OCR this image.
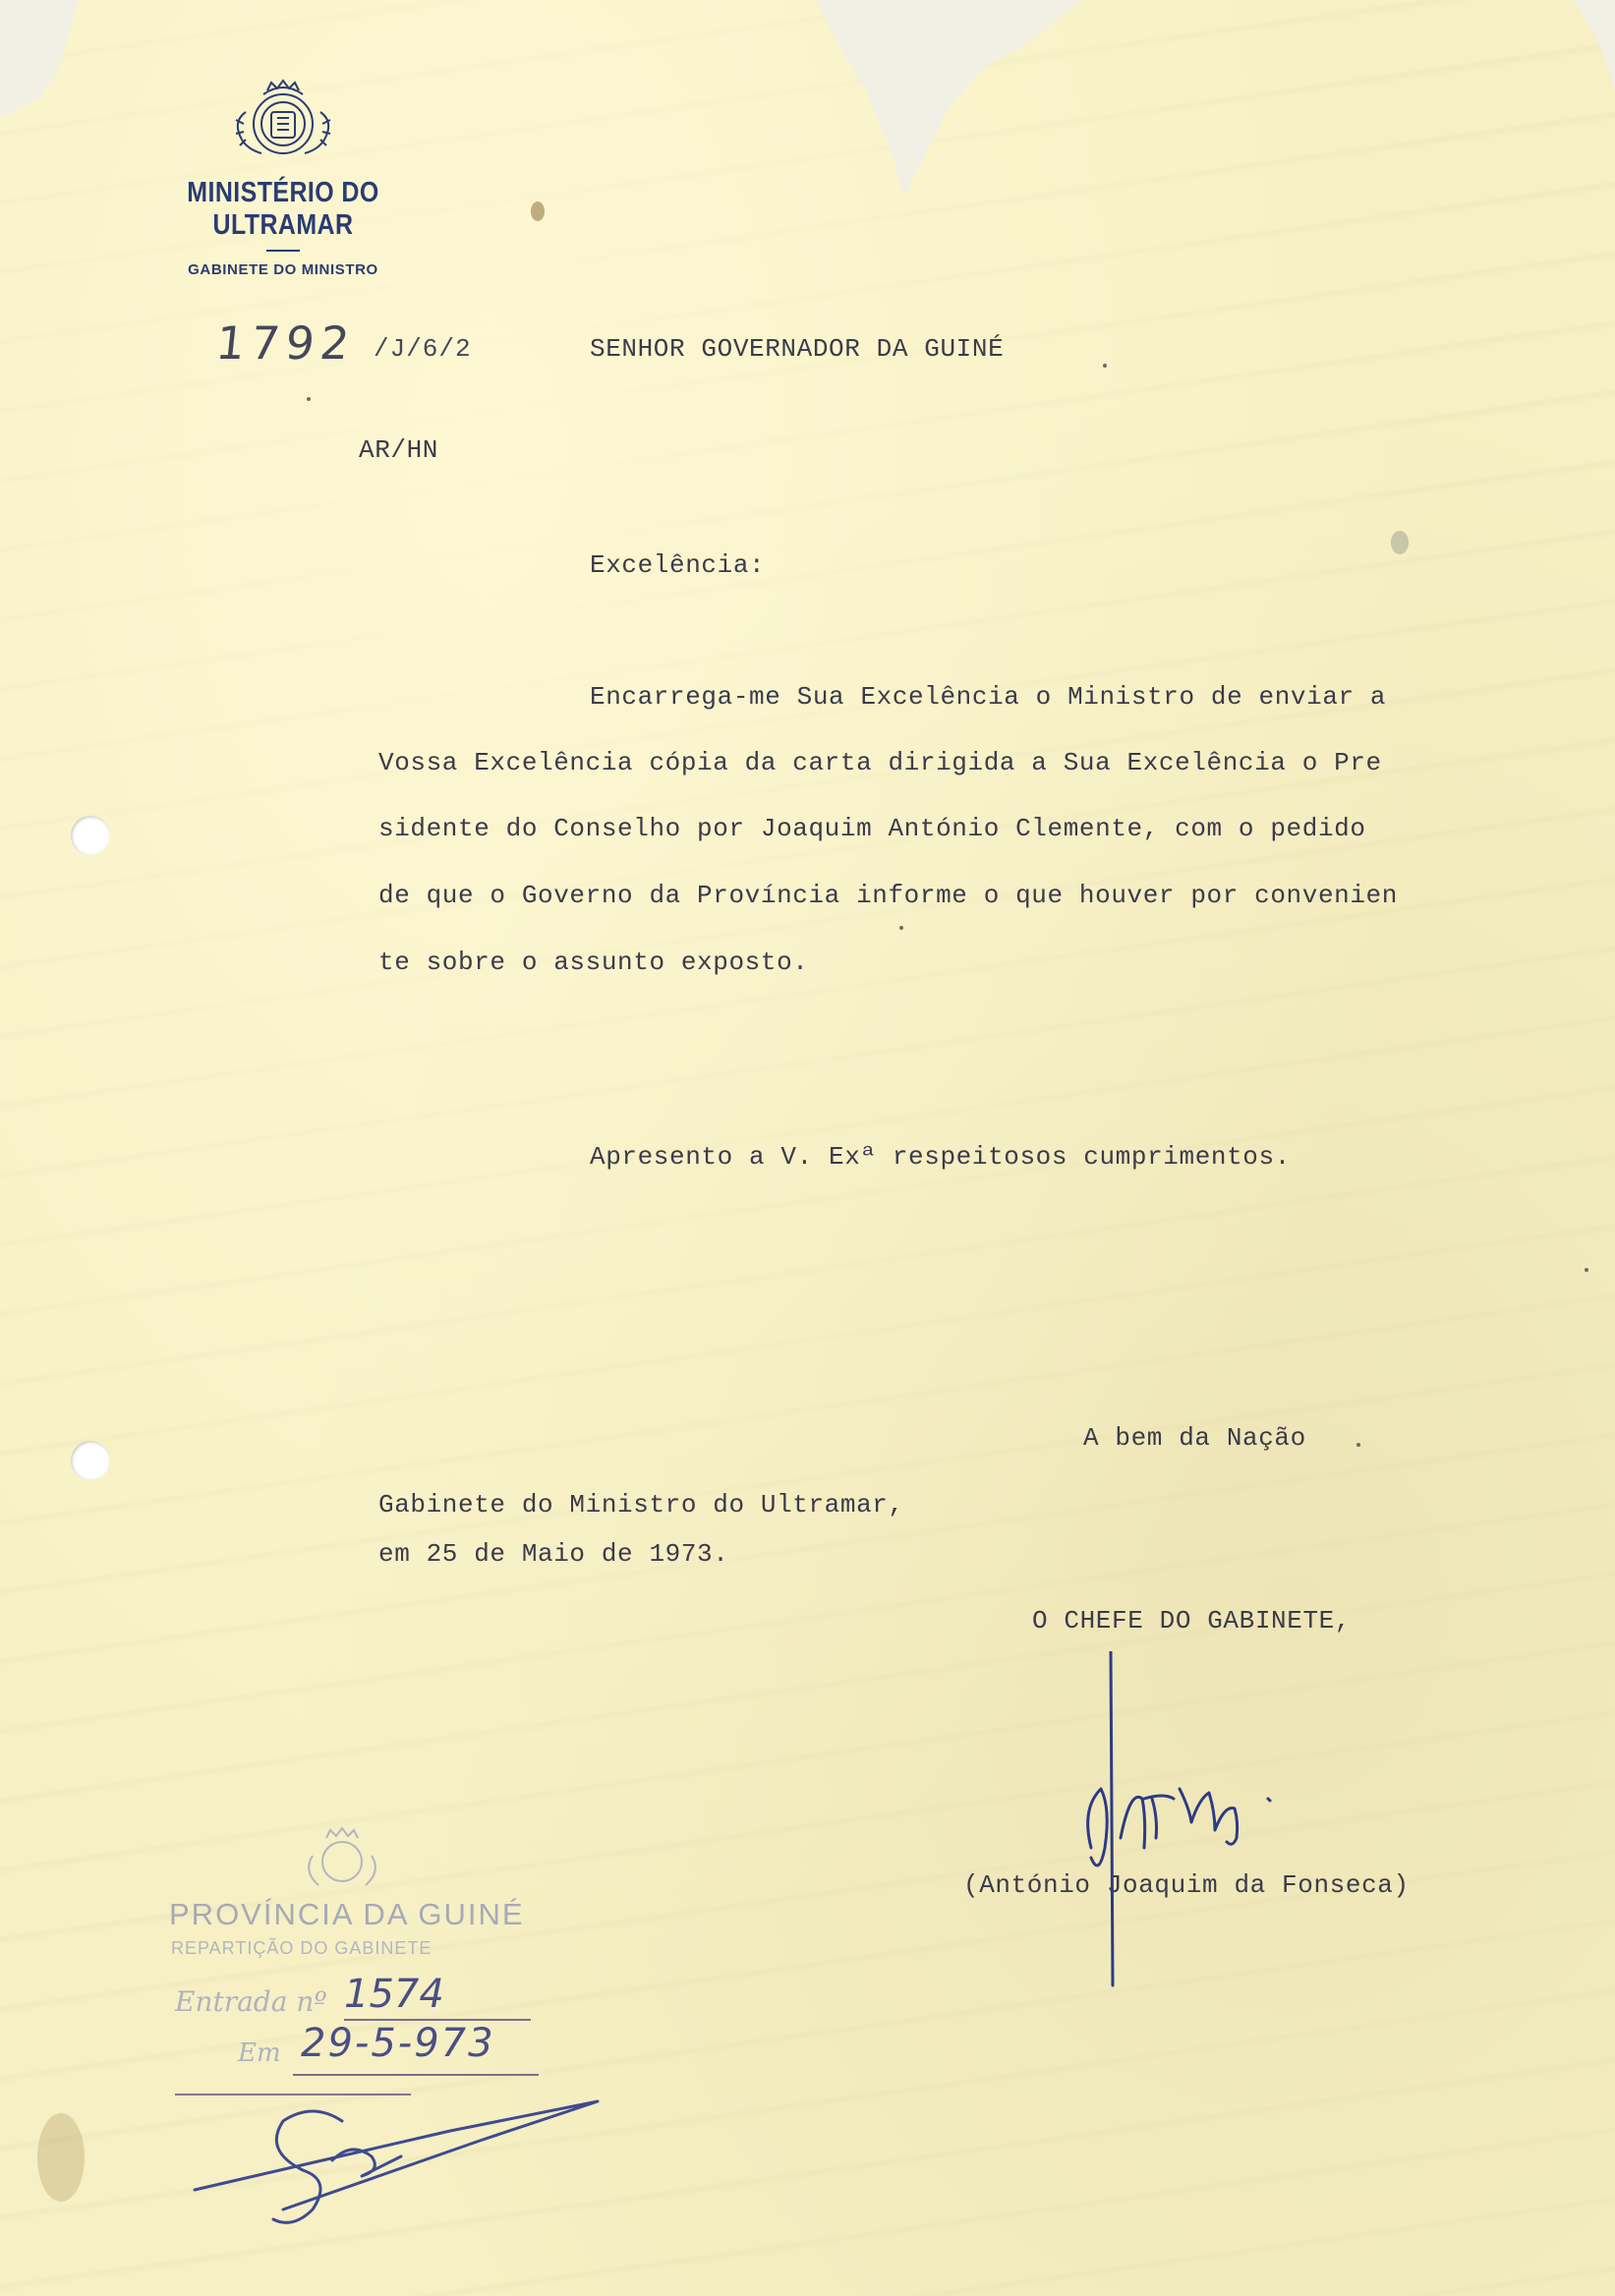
MINISTÉRIO DO ULTRAMAR
GABINETE DO MINISTRO
1792 /J/6/2
AR/HN
SENHOR GOVERNADOR DA GUINÉ
Excelência:
Encarrega-me Sua Excelência o Ministro de enviar a
Vossa Excelência cópia da carta dirigida a Sua Excelência o Pre
sidente do Conselho por Joaquim António Clemente, com o pedido
de que o Governo da Província informe o que houver por convenien
te sobre o assunto exposto.
Apresento a V. Exª respeitosos cumprimentos.
A bem da Nação
Gabinete do Ministro do Ultramar,
em 25 de Maio de 1973.
O CHEFE DO GABINETE,
(António Joaquim da Fonseca)
PROVÍNCIA DA GUINÉ
REPARTIÇÃO DO GABINETE
Entrada nº 1574
Em 29-5-973
